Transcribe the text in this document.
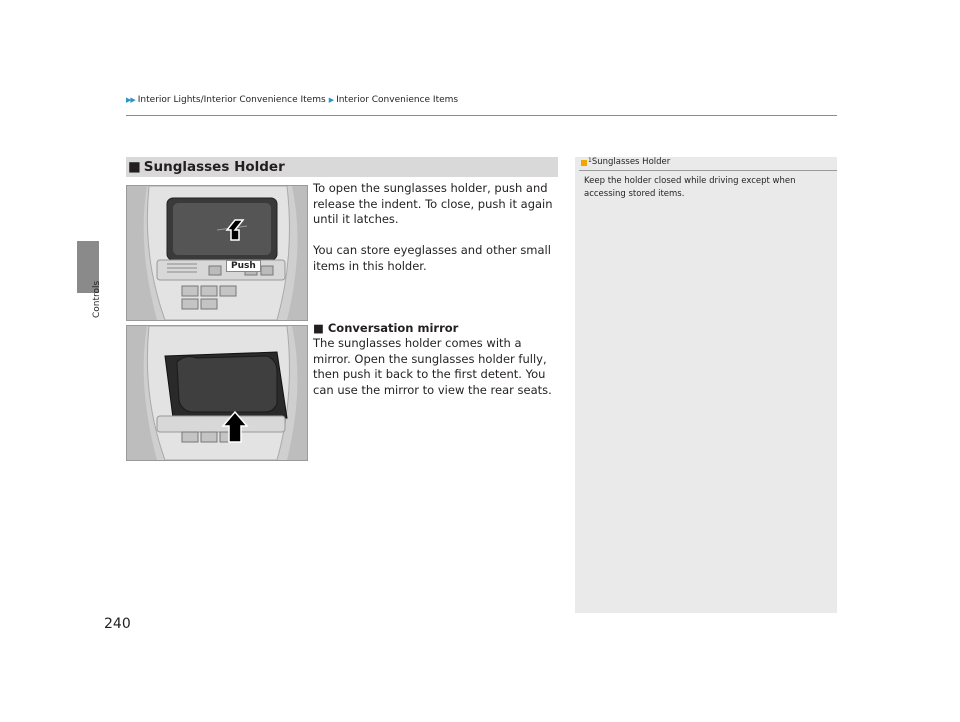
▶▶ Interior Lights/Interior Convenience Items ▶ Interior Convenience Items
Controls
■ Sunglasses Holder
Push
To open the sunglasses holder, push and release the indent. To close, push it again until it latches.
You can store eyeglasses and other small items in this holder.
■ Conversation mirror
The sunglasses holder comes with a mirror. Open the sunglasses holder fully, then push it back to the first detent. You can use the mirror to view the rear seats.
$^1$Sunglasses Holder
Keep the holder closed while driving except when accessing stored items.
240
